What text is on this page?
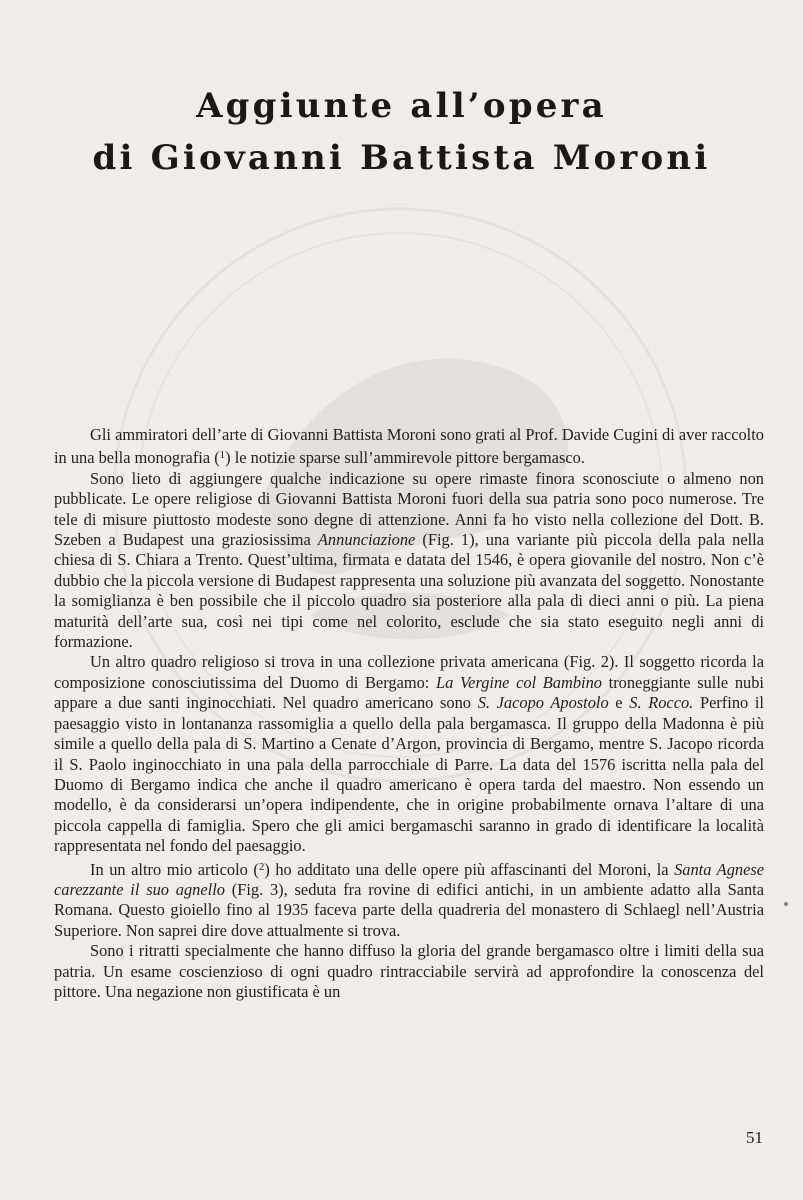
Aggiunte all’opera
di Giovanni Battista Moroni

Gli ammiratori dell’arte di Giovanni Battista Moroni sono grati al Prof. Davide Cugini di aver raccolto in una bella monografia ($^1$) le notizie sparse sull’ammirevole pittore bergamasco.

Sono lieto di aggiungere qualche indicazione su opere rimaste finora sconosciute o almeno non pubblicate. Le opere religiose di Giovanni Battista Moroni fuori della sua patria sono poco numerose. Tre tele di misure piuttosto modeste sono degne di attenzione. Anni fa ho visto nella collezione del Dott. B. Szeben a Budapest una graziosissima Annunciazione (Fig. 1), una variante più piccola della pala nella chiesa di S. Chiara a Trento. Quest’ultima, firmata e datata del 1546, è opera giovanile del nostro. Non c’è dubbio che la piccola versione di Budapest rappresenta una soluzione più avanzata del soggetto. Nonostante la somiglianza è ben possibile che il piccolo quadro sia posteriore alla pala di dieci anni o più. La piena maturità dell’arte sua, così nei tipi come nel colorito, esclude che sia stato eseguito negli anni di formazione.

Un altro quadro religioso si trova in una collezione privata americana (Fig. 2). Il soggetto ricorda la composizione conosciutissima del Duomo di Bergamo: La Vergine col Bambino troneggiante sulle nubi appare a due santi inginocchiati. Nel quadro americano sono S. Jacopo Apostolo e S. Rocco. Perfino il paesaggio visto in lontananza rassomiglia a quello della pala bergamasca. Il gruppo della Madonna è più simile a quello della pala di S. Martino a Cenate d’Argon, provincia di Bergamo, mentre S. Jacopo ricorda il S. Paolo inginocchiato in una pala della parrocchiale di Parre. La data del 1576 iscritta nella pala del Duomo di Bergamo indica che anche il quadro americano è opera tarda del maestro. Non essendo un modello, è da considerarsi un’opera indipendente, che in origine probabilmente ornava l’altare di una piccola cappella di famiglia. Spero che gli amici bergamaschi saranno in grado di identificare la località rappresentata nel fondo del paesaggio.

In un altro mio articolo ($^2$) ho additato una delle opere più affascinanti del Moroni, la Santa Agnese carezzante il suo agnello (Fig. 3), seduta fra rovine di edifici antichi, in un ambiente adatto alla Santa Romana. Questo gioiello fino al 1935 faceva parte della quadreria del monastero di Schlaegl nell’Austria Superiore. Non saprei dire dove attualmente si trova.

Sono i ritratti specialmente che hanno diffuso la gloria del grande bergamasco oltre i limiti della sua patria. Un esame coscienzioso di ogni quadro rintracciabile servirà ad approfondire la conoscenza del pittore. Una negazione non giustificata è un

51
